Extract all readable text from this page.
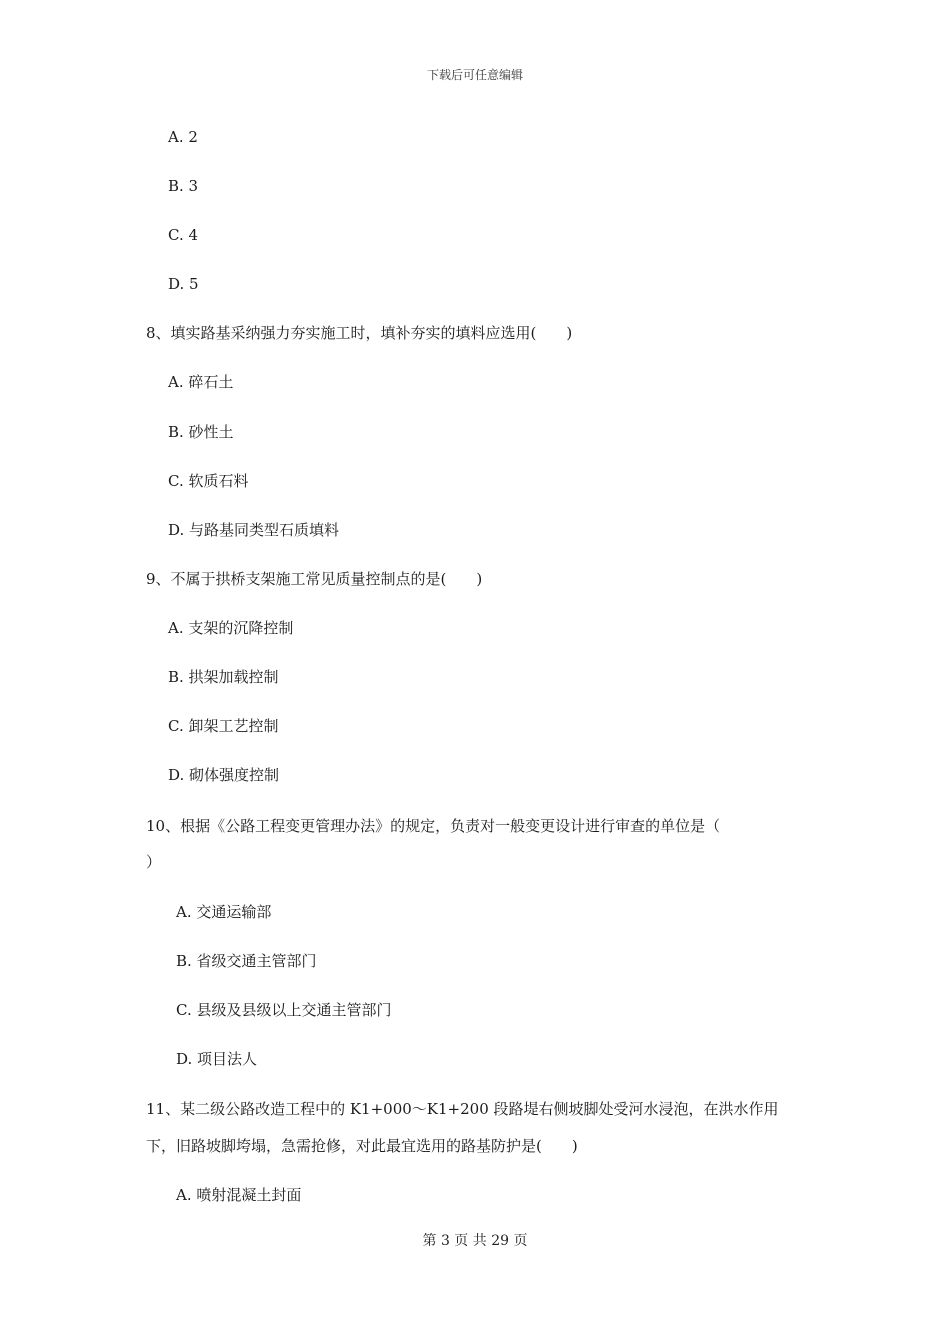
下载后可任意编辑
A. 2
B. 3
C. 4
D. 5
8、填实路基采纳强力夯实施工时，填补夯实的填料应选用(　　)
A. 碎石土
B. 砂性土
C. 软质石料
D. 与路基同类型石质填料
9、不属于拱桥支架施工常见质量控制点的是(　　)
A. 支架的沉降控制
B. 拱架加载控制
C. 卸架工艺控制
D. 砌体强度控制
10、根据《公路工程变更管理办法》的规定，负责对一般变更设计进行审查的单位是（
）
A. 交通运输部
B. 省级交通主管部门
C. 县级及县级以上交通主管部门
D. 项目法人
11、某二级公路改造工程中的 K1+000～K1+200 段路堤右侧坡脚处受河水浸泡，在洪水作用
下，旧路坡脚垮塌，急需抢修，对此最宜选用的路基防护是(　　)
A. 喷射混凝土封面
第 3 页 共 29 页
